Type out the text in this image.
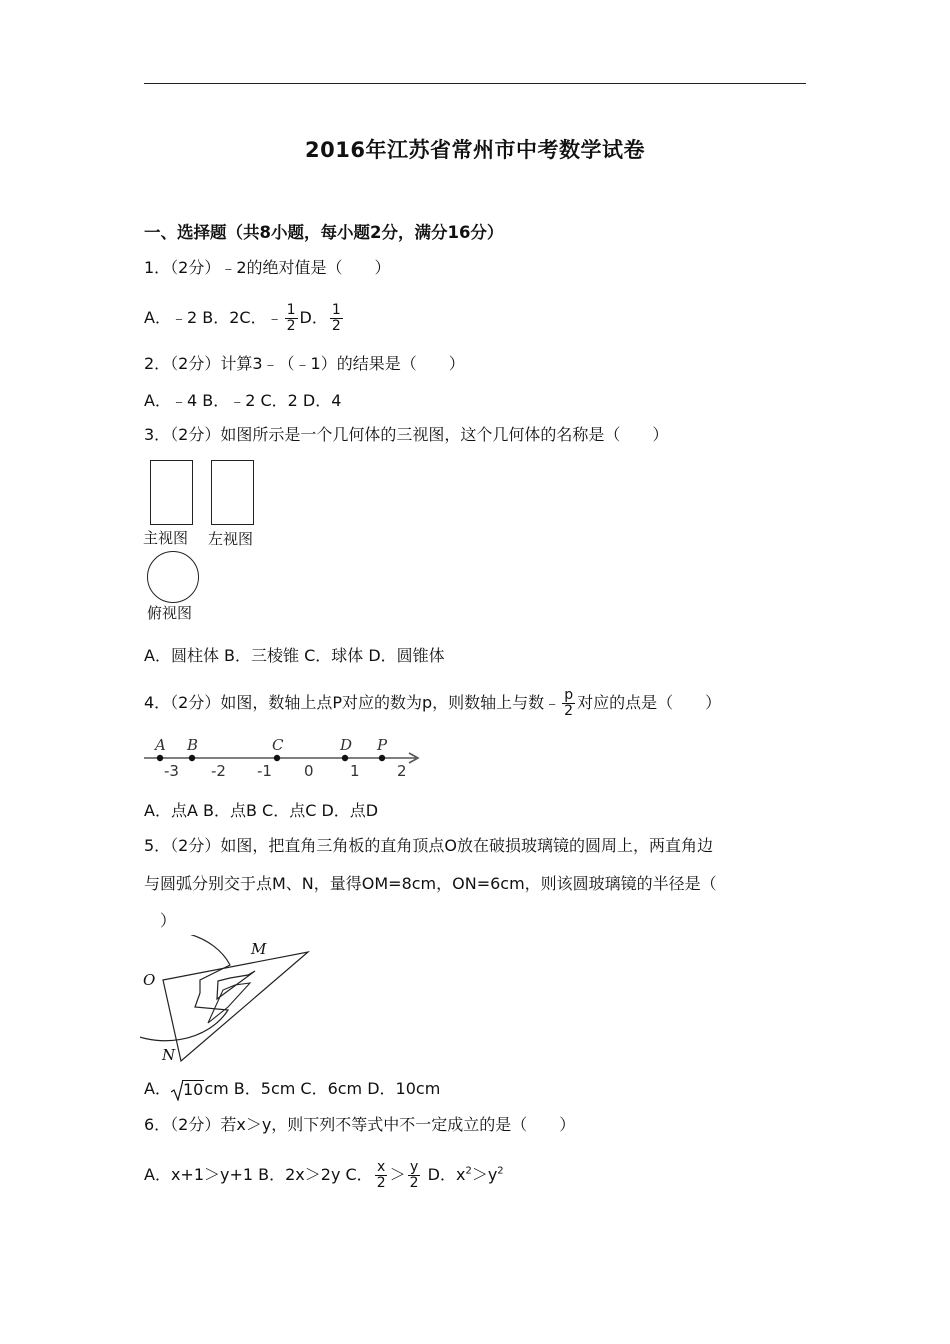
2016年江苏省常州市中考数学试卷
一、选择题（共8小题，每小题2分，满分16分）
1．（2分）﹣2的绝对值是（　　）
A．﹣2 B．2C．﹣ $\frac{1}{2}$ D． $\frac{1}{2}$
2．（2分）计算3﹣（﹣1）的结果是（　　）
A．﹣4 B．﹣2 C．2 D．4
3．（2分）如图所示是一个几何体的三视图，这个几何体的名称是（　　）
主视图 左视图
俯视图
A．圆柱体 B．三棱锥 C．球体 D．圆锥体
4．（2分）如图，数轴上点P对应的数为p，则数轴上与数﹣ $\frac{p}{2}$ 对应的点是（　　）
-3 -2 -1 0 1 2
A B	C	D P
A．点A B．点B C．点C D．点D
5．（2分）如图，把直角三角板的直角顶点O放在破损玻璃镜的圆周上，两直角边
与圆弧分别交于点M、N，量得OM=8cm，ON=6cm，则该圆玻璃镜的半径是（
　）
O
M
N
A． 10 cm B．5cm C．6cm D．10cm
6．（2分）若x＞y，则下列不等式中不一定成立的是（　　）
A．x+1＞y+1 B．2x＞2y C． $\frac{x}{2} > \frac{y}{2}$ D．$x^2>y^2$
